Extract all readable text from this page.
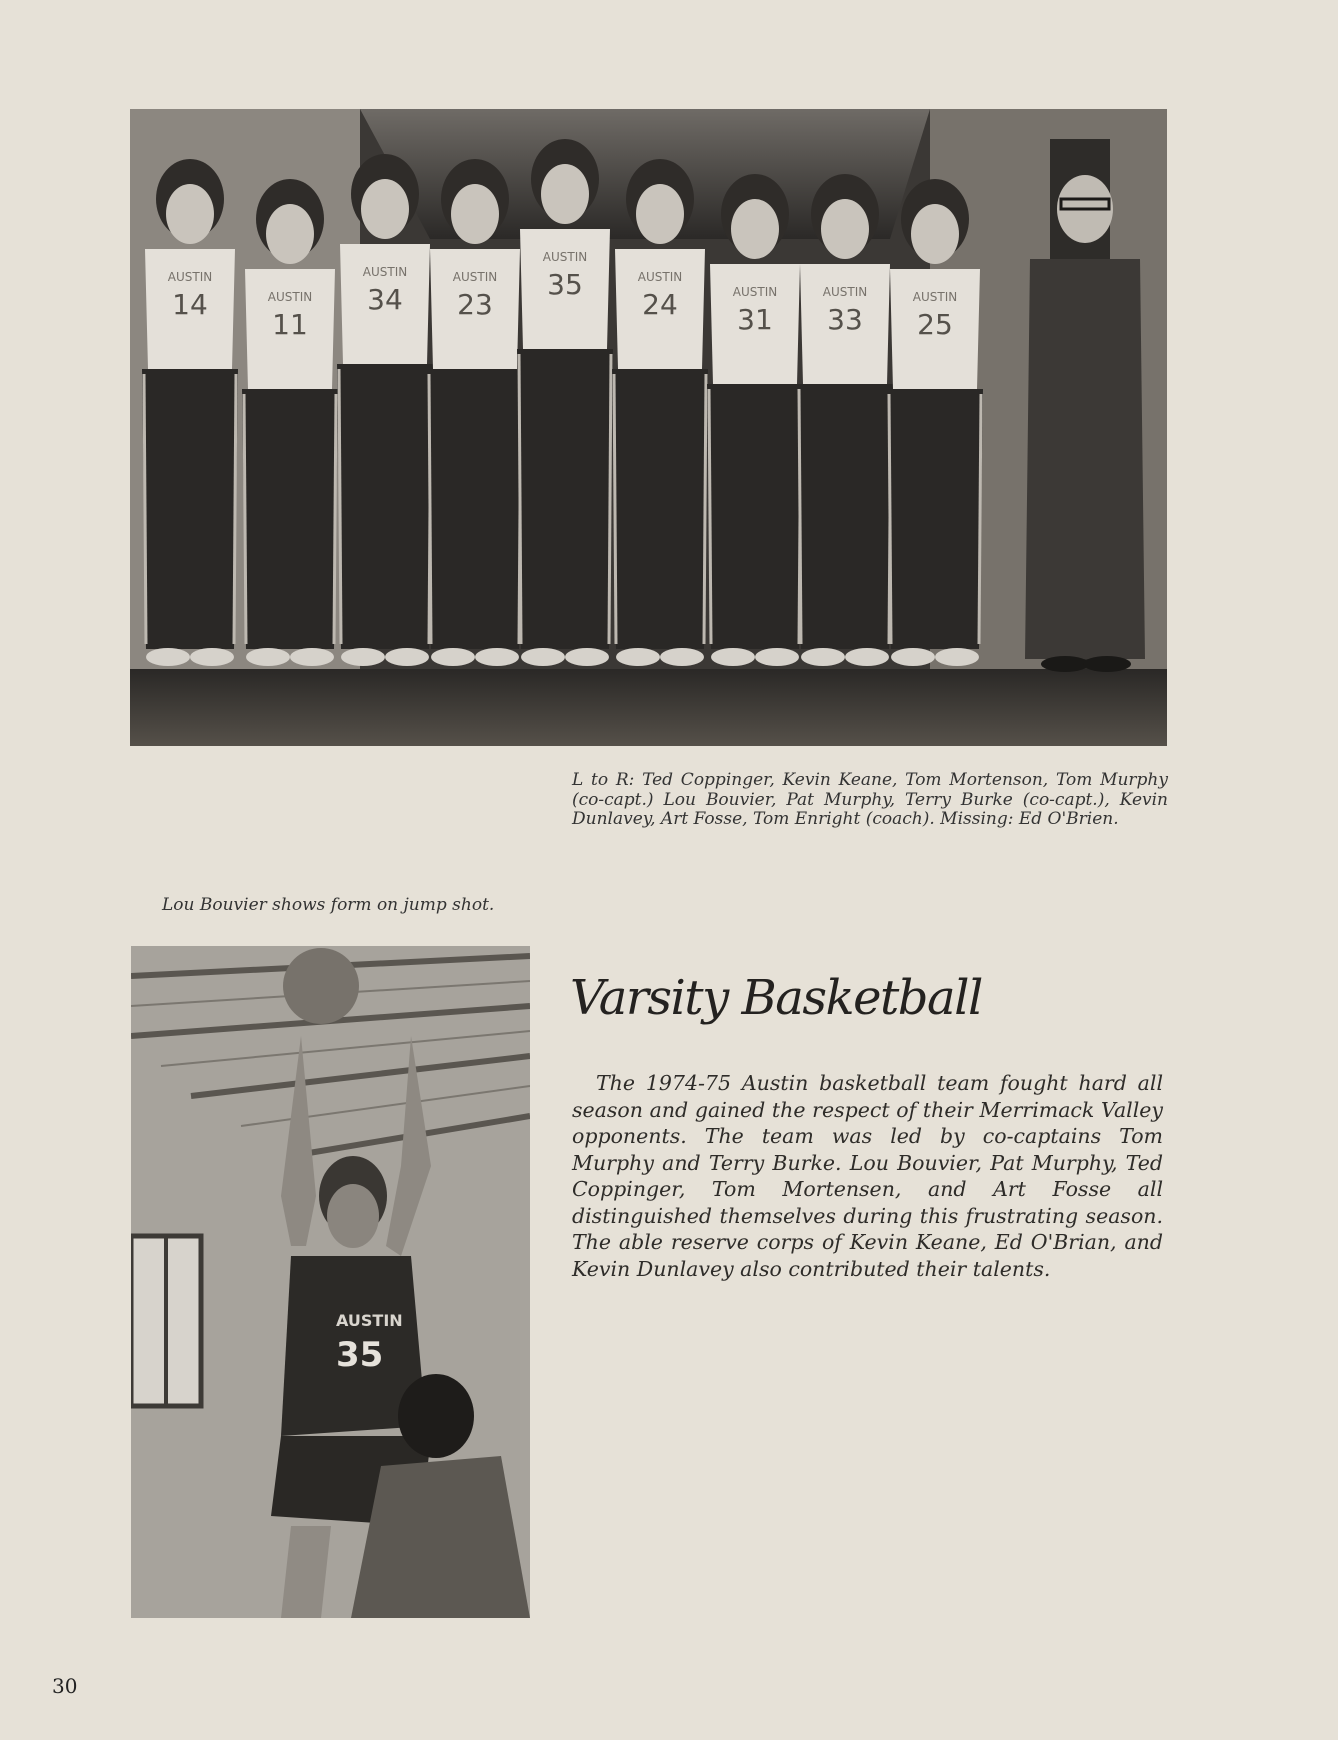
AUSTIN
14	AUSTIN
11
AUSTIN
34
AUSTIN
23
AUSTIN
35	AUSTIN
24	AUSTIN
31
AUSTIN
33
AUSTIN
25
L to R: Ted Coppinger, Kevin Keane, Tom Mortenson, Tom Murphy (co-capt.) Lou Bouvier, Pat Murphy, Terry Burke (co-capt.), Kevin Dunlavey, Art Fosse, Tom Enright (coach). Missing: Ed O'Brien.
Lou Bouvier shows form on jump shot.
AUSTIN
35
Varsity Basketball
The 1974-75 Austin basketball team fought hard all season and gained the respect of their Merrimack Valley opponents. The team was led by co-captains Tom Murphy and Terry Burke. Lou Bouvier, Pat Murphy, Ted Coppinger, Tom Mortensen, and Art Fosse all distinguished themselves during this frustrating season. The able reserve corps of Kevin Keane, Ed O'Brian, and Kevin Dunlavey also contributed their talents.
30
